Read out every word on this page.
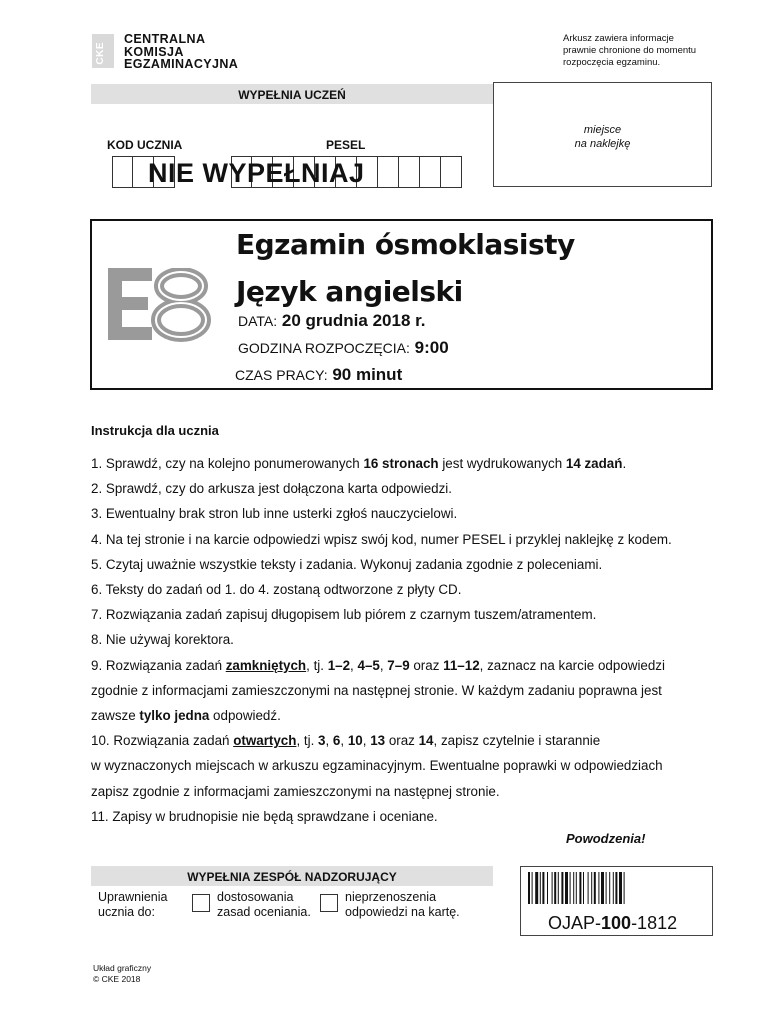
CKE
CENTRALNA
KOMISJA
EGZAMINACYJNA
Arkusz zawiera informacje
prawnie chronione do momentu
rozpoczęcia egzaminu.
WYPEŁNIA UCZEŃ
miejsce
na naklejkę
KOD UCZNIA	PESEL
NIE WYPEŁNIAJ
Egzamin ósmoklasisty
Język angielski
DATA: 20 grudnia 2018 r.
GODZINA ROZPOCZĘCIA: 9:00
CZAS PRACY: 90 minut
Instrukcja dla ucznia
1. Sprawdź, czy na kolejno ponumerowanych 16 stronach jest wydrukowanych 14 zadań.
2. Sprawdź, czy do arkusza jest dołączona karta odpowiedzi.
3. Ewentualny brak stron lub inne usterki zgłoś nauczycielowi.
4. Na tej stronie i na karcie odpowiedzi wpisz swój kod, numer PESEL i przyklej naklejkę z kodem.
5. Czytaj uważnie wszystkie teksty i zadania. Wykonuj zadania zgodnie z poleceniami.
6. Teksty do zadań od 1. do 4. zostaną odtworzone z płyty CD.
7. Rozwiązania zadań zapisuj długopisem lub piórem z czarnym tuszem/atramentem.
8. Nie używaj korektora.
9. Rozwiązania zadań zamkniętych, tj. 1–2, 4–5, 7–9 oraz 11–12, zaznacz na karcie odpowiedzi
zgodnie z informacjami zamieszczonymi na następnej stronie. W każdym zadaniu poprawna jest
zawsze tylko jedna odpowiedź.
10. Rozwiązania zadań otwartych, tj. 3, 6, 10, 13 oraz 14, zapisz czytelnie i starannie
w wyznaczonych miejscach w arkuszu egzaminacyjnym. Ewentualne poprawki w odpowiedziach
zapisz zgodnie z informacjami zamieszczonymi na następnej stronie.
11. Zapisy w brudnopisie nie będą sprawdzane i oceniane.
Powodzenia!
WYPEŁNIA ZESPÓŁ NADZORUJĄCY
Uprawnienia
ucznia do:
dostosowania
zasad oceniania.
nieprzenoszenia
odpowiedzi na kartę.
OJAP-100-1812
Układ graficzny
© CKE 2018
